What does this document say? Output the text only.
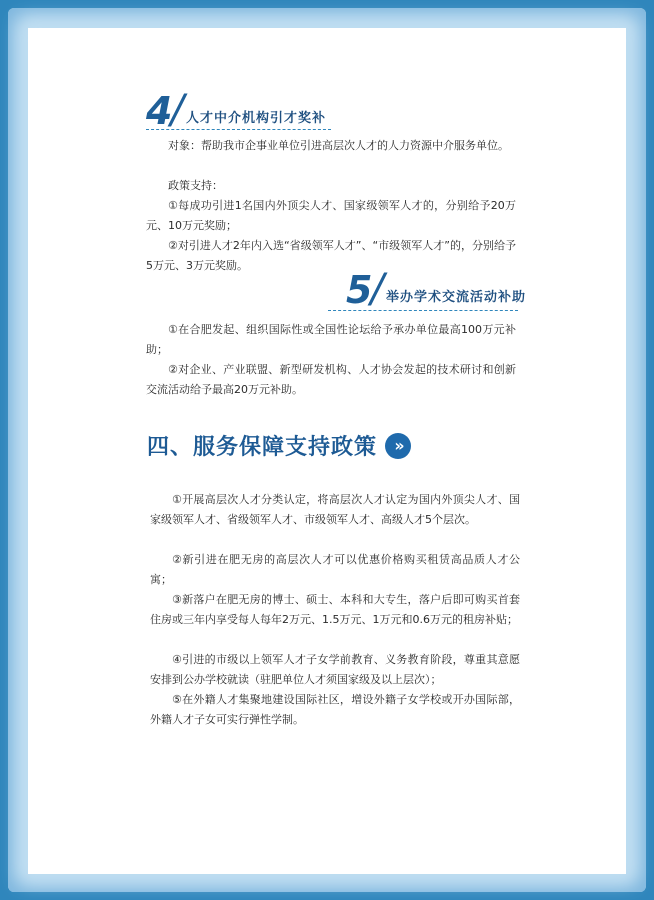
4
/ 人才中介机构引才奖补

对象：帮助我市企事业单位引进高层次人才的人力资源中介服务单位。

政策支持：

①每成功引进1名国内外顶尖人才、国家级领军人才的，分别给予20万元、10万元奖励；

②对引进人才2年内入选“省级领军人才”、“市级领军人才”的，分别给予5万元、3万元奖励。

5
/ 举办学术交流活动补助

①在合肥发起、组织国际性或全国性论坛给予承办单位最高100万元补助；

②对企业、产业联盟、新型研发机构、人才协会发起的技术研讨和创新交流活动给予最高20万元补助。

四、服务保障支持政策	››

①开展高层次人才分类认定，将高层次人才认定为国内外顶尖人才、国家级领军人才、省级领军人才、市级领军人才、高级人才5个层次。

②新引进在肥无房的高层次人才可以优惠价格购买租赁高品质人才公寓；

③新落户在肥无房的博士、硕士、本科和大专生，落户后即可购买首套住房或三年内享受每人每年2万元、1.5万元、1万元和0.6万元的租房补贴；

④引进的市级以上领军人才子女学前教育、义务教育阶段，尊重其意愿安排到公办学校就读（驻肥单位人才须国家级及以上层次）；

⑤在外籍人才集聚地建设国际社区，增设外籍子女学校或开办国际部，外籍人才子女可实行弹性学制。
